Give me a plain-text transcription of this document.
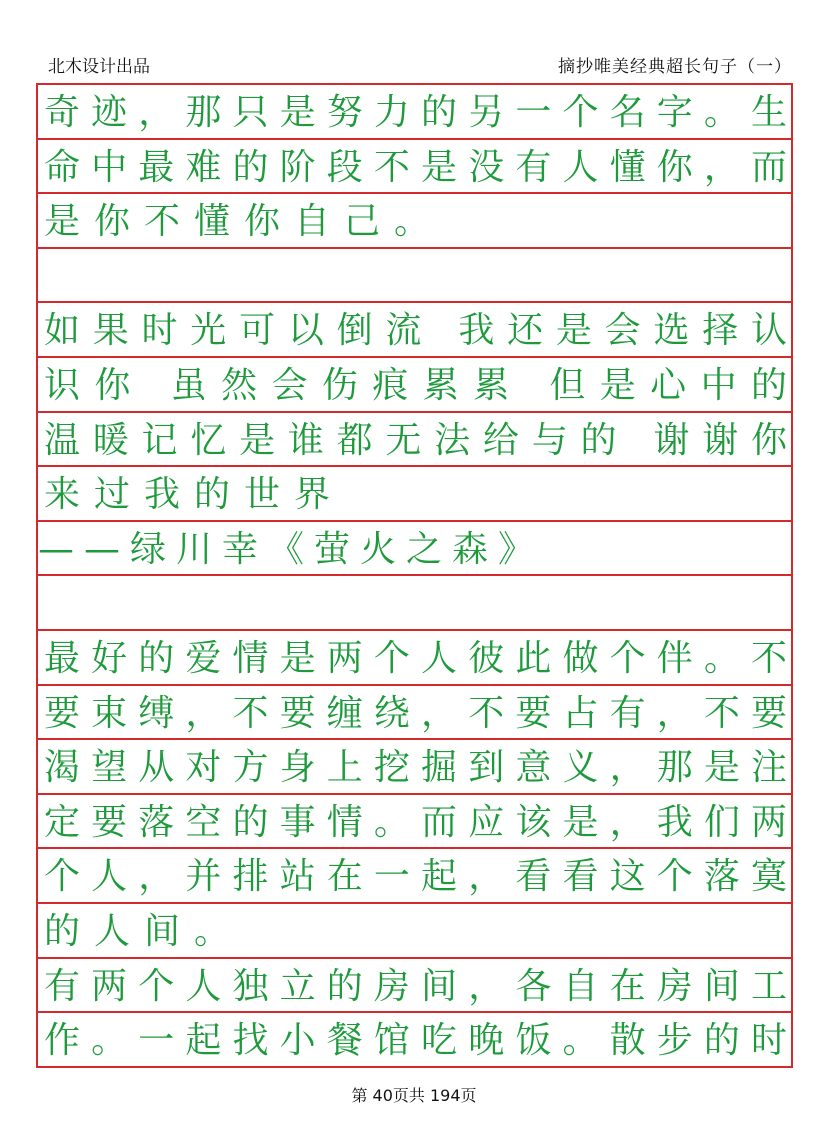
北木设计出品	摘抄唯美经典超长句子（一）
奇迹，那只是努力的另一个名字。生
命中最难的阶段不是没有人懂你，而
是你不懂你自己。
如果时光可以倒流 我还是会选择认
识你 虽然会伤痕累累 但是心中的
温暖记忆是谁都无法给与的 谢谢你
来过我的世界
——绿川幸《萤火之森》
最好的爱情是两个人彼此做个伴。不
要束缚，不要缠绕，不要占有，不要
渴望从对方身上挖掘到意义，那是注
定要落空的事情。而应该是，我们两
个人，并排站在一起，看看这个落寞
的人间。
有两个人独立的房间，各自在房间工
作。一起找小餐馆吃晚饭。散步的时
第 40页共 194页
